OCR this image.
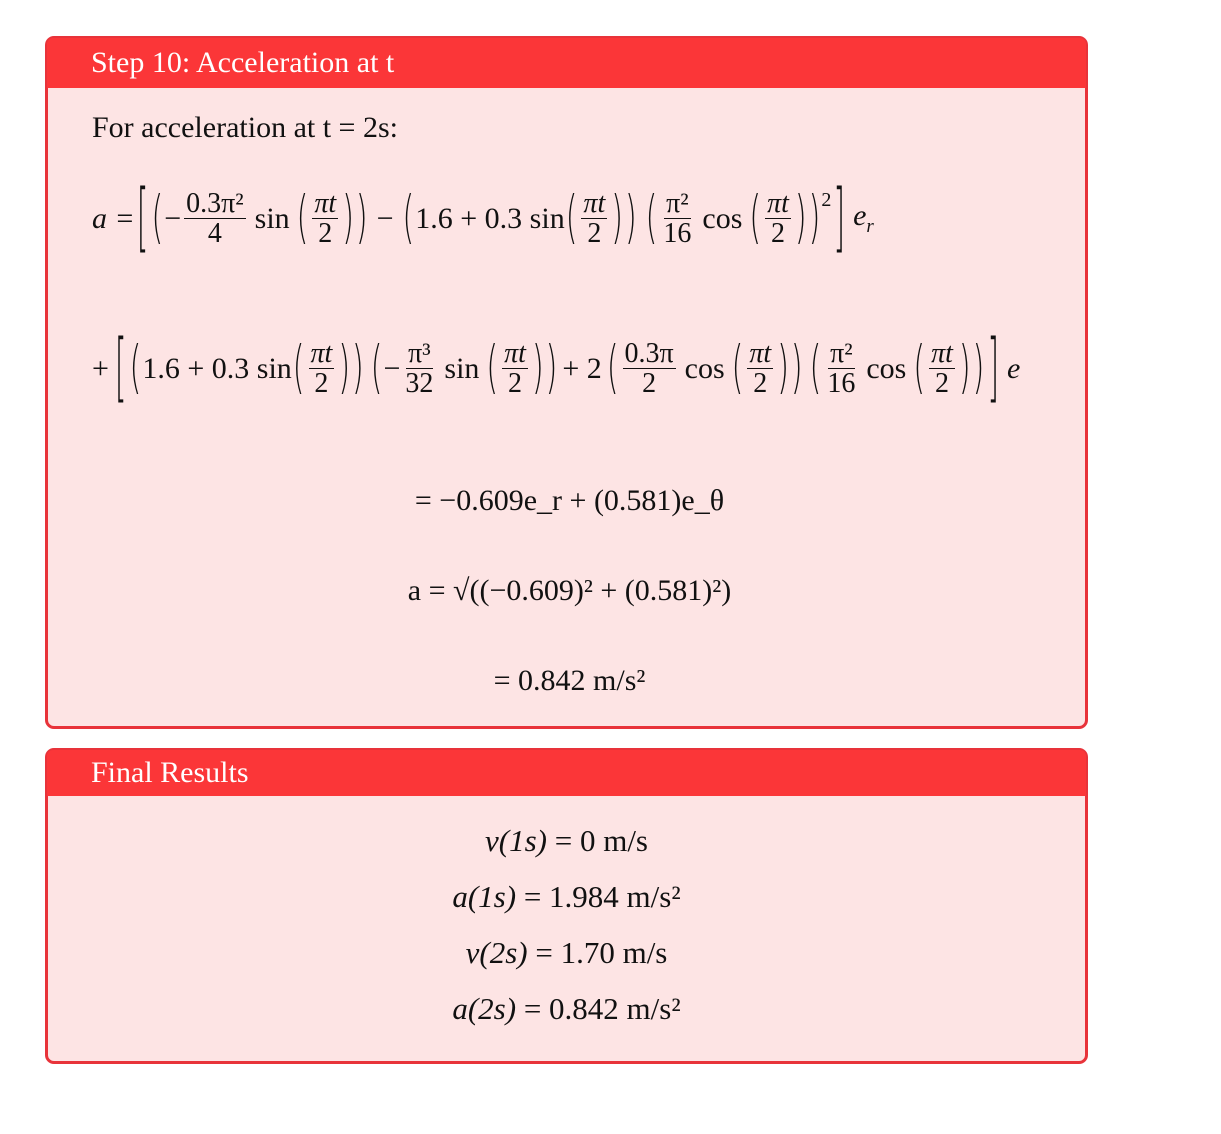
Step 10: Acceleration at t
For acceleration at t = 2s:
a = [ ( − $\frac{\text{0.3π²}}{4}$ sin ( $\frac{\pi t}{2}$ ) ) − ( 1.6 + 0.3 sin ( $\frac{\pi t}{2}$ ) ) ( $\frac{\text{π²}}{16}$ cos ( $\frac{\pi t}{2}$ ) )$^2$ ] $e_r$
+ [ ( 1.6 + 0.3 sin ( $\frac{\pi t}{2}$ ) ) ( − $\frac{\text{π³}}{32}$ sin ( $\frac{\pi t}{2}$ ) ) + 2 ( $\frac{0.3\pi}{2}$ cos ( $\frac{\pi t}{2}$ ) ) ( $\frac{\text{π²}}{16}$ cos ( $\frac{\pi t}{2}$ ) ) ] e
= −0.609e_r + (0.581)e_θ
a = √((−0.609)² + (0.581)²)
= 0.842 m/s²
Final Results
v(1s) = 0 m/s
a(1s) = 1.984 m/s²
v(2s) = 1.70 m/s
a(2s) = 0.842 m/s²
